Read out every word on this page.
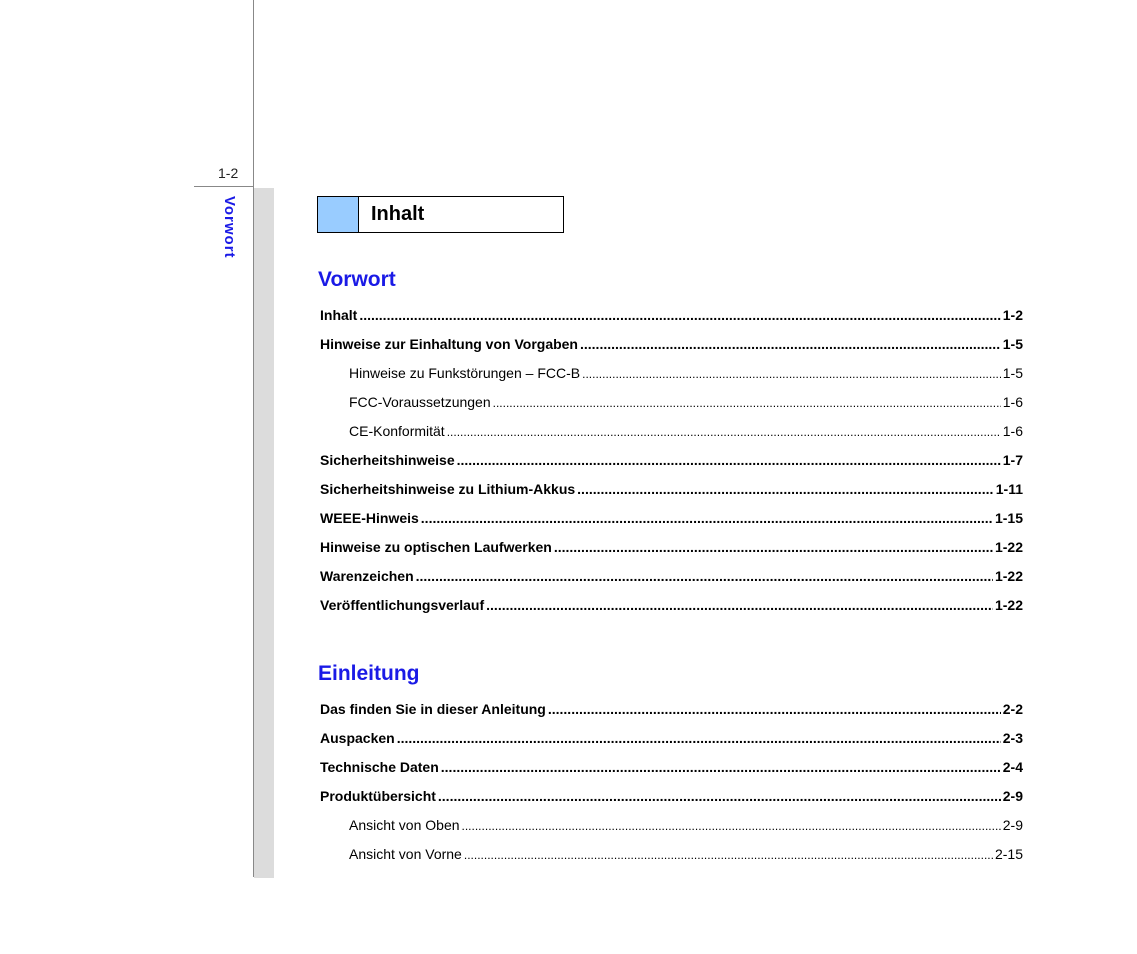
1-2
Vorwort	Inhalt
Vorwort
Inhalt .....	1-2
Hinweise zur Einhaltung von Vorgaben .....	1-5
Hinweise zu Funkstörungen – FCC-B .....	1-5
FCC-Voraussetzungen .....	1-6
CE-Konformität .....	1-6
Sicherheitshinweise .....	1-7
Sicherheitshinweise zu Lithium-Akkus .....	1-11
WEEE-Hinweis .....	1-15
Hinweise zu optischen Laufwerken .....	1-22
Warenzeichen .....	1-22
Veröffentlichungsverlauf .....	1-22
Einleitung
Das finden Sie in dieser Anleitung .....	2-2
Auspacken .....	2-3
Technische Daten .....	2-4
Produktübersicht .....	2-9
Ansicht von Oben .....	2-9
Ansicht von Vorne .....	2-15
